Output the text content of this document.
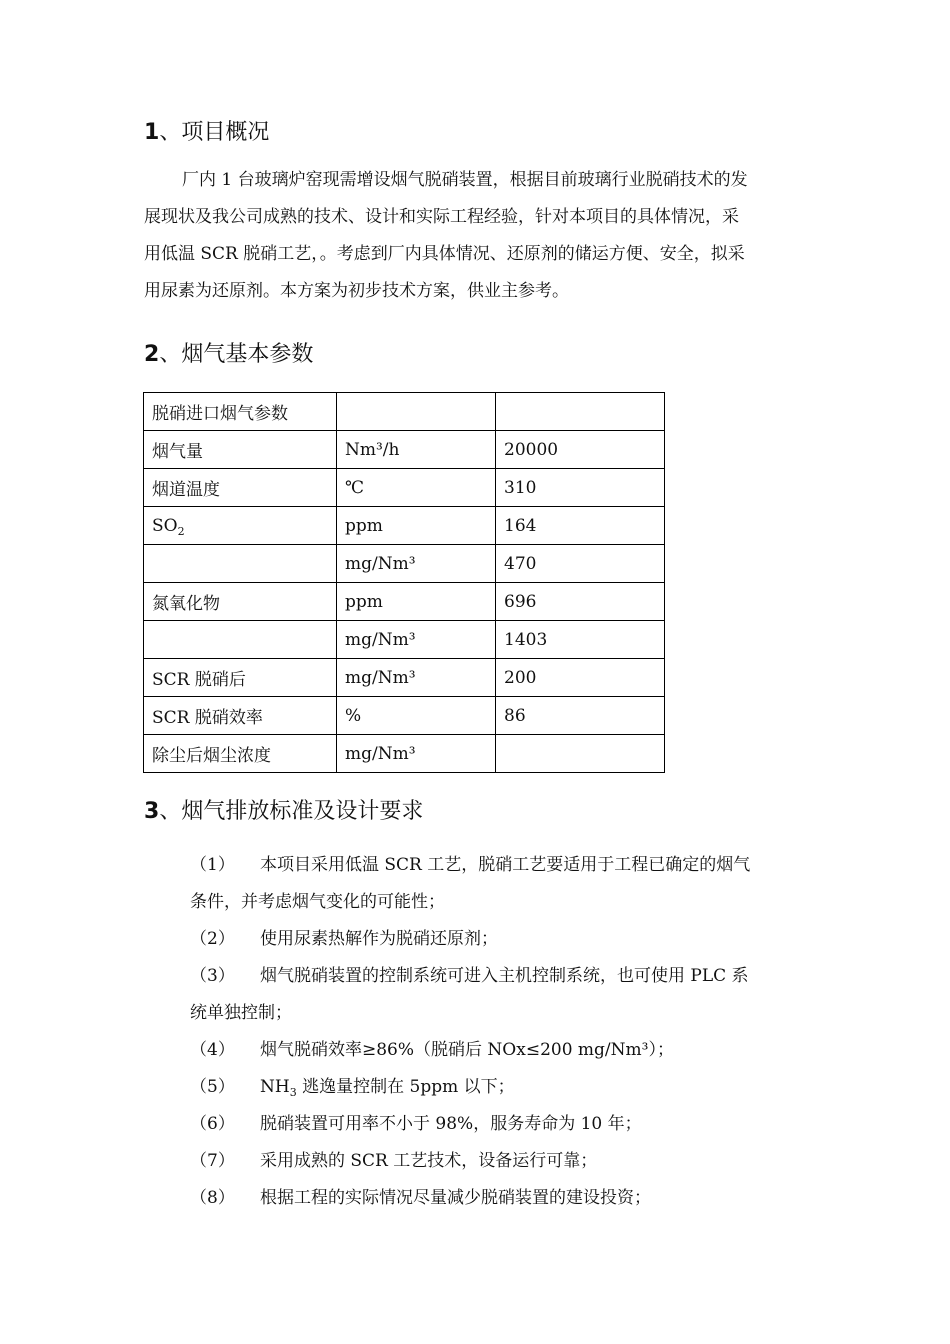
1、项目概况
厂内 1 台玻璃炉窑现需增设烟气脱硝装置，根据目前玻璃行业脱硝技术的发
展现状及我公司成熟的技术、设计和实际工程经验，针对本项目的具体情况，采
用低温 SCR 脱硝工艺，。考虑到厂内具体情况、还原剂的储运方便、安全，拟采
用尿素为还原剂。本方案为初步技术方案，供业主参考。
2、烟气基本参数
脱硝进口烟气参数		
烟气量	Nm³/h	20000
烟道温度	℃	310
$SO_2$	ppm	164
	mg/Nm³	470
氮氧化物	ppm	696
	mg/Nm³	1403
SCR 脱硝后	mg/Nm³	200
SCR 脱硝效率	%	86
除尘后烟尘浓度	mg/Nm³	
3、烟气排放标准及设计要求
（1） 本项目采用低温 SCR 工艺，脱硝工艺要适用于工程已确定的烟气
条件，并考虑烟气变化的可能性；
（2） 使用尿素热解作为脱硝还原剂；
（3） 烟气脱硝装置的控制系统可进入主机控制系统，也可使用 PLC 系
统单独控制；
（4） 烟气脱硝效率≥86%（脱硝后 NOx≤200 mg/Nm³）；
（5） $NH_3$ 逃逸量控制在 5ppm 以下；
（6） 脱硝装置可用率不小于 98%，服务寿命为 10 年；
（7） 采用成熟的 SCR 工艺技术，设备运行可靠；
（8） 根据工程的实际情况尽量减少脱硝装置的建设投资；
